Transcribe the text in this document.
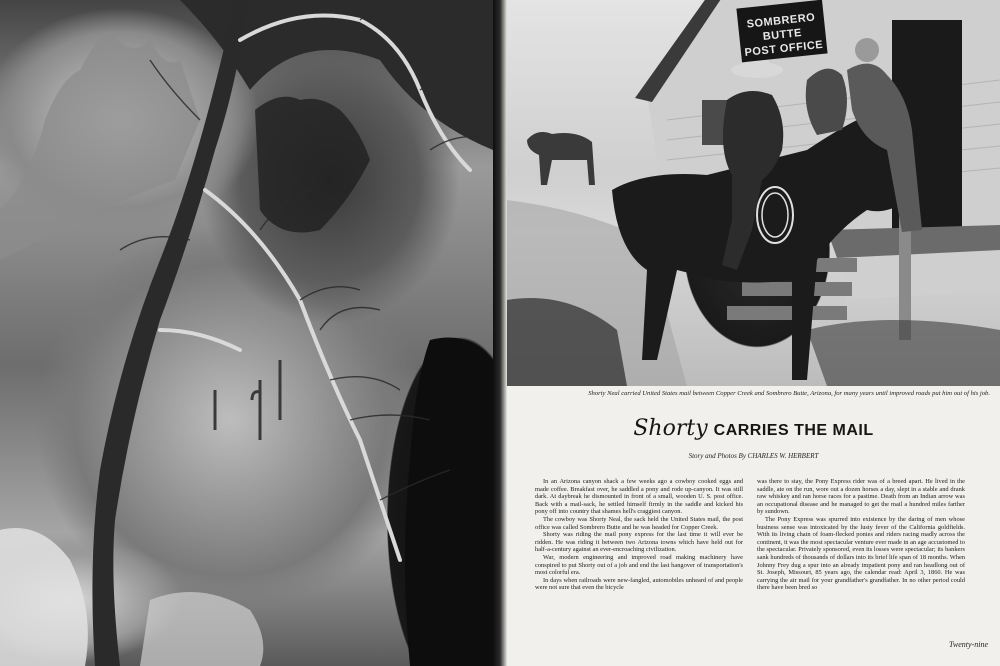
SOMBRERO BUTTE
POST OFFICE
Shorty Neal carried United States mail between Copper Creek and Sombrero Butte, Arizona, for many years until improved roads put him out of his job.
Shorty CARRIES THE MAIL
Story and Photos By CHARLES W. HERBERT

In an Arizona canyon shack a few weeks ago a cowboy cooked eggs and made coffee. Breakfast over, he saddled a pony and rode up-canyon. It was still dark. At daybreak he dismounted in front of a small, wooden U. S. post office. Back with a mail-sack, he settled himself firmly in the saddle and kicked his pony off into country that shames hell's craggiest canyon.

The cowboy was Shorty Neal, the sack held the United States mail, the post office was called Sombrero Butte and he was headed for Copper Creek.

Shorty was riding the mail pony express for the last time it will ever be ridden. He was riding it between two Arizona towns which have held out for half-a-century against an ever-encroaching civilization.

War, modern engineering and improved road making machinery have conspired to put Shorty out of a job and end the last hangover of transportation's most colorful era.

In days when railroads were new-fangled, automobiles unheard of and people were not sure that even the bicycle

was there to stay, the Pony Express rider was of a breed apart. He lived in the saddle, ate on the run, wore out a dozen horses a day, slept in a stable and drank raw whiskey and ran horse races for a pastime. Death from an Indian arrow was an occupational disease and he managed to get the mail a hundred miles farther by sundown.

The Pony Express was spurred into existence by the daring of men whose business sense was intoxicated by the lusty fever of the California goldfields. With its living chain of foam-flecked ponies and riders racing madly across the continent, it was the most spectacular venture ever made in an age accustomed to the spectacular. Privately sponsored, even its losses were spectacular; its bankers sank hundreds of thousands of dollars into its brief life span of 18 months. When Johnny Frey dug a spur into an already impatient pony and ran headlong out of St. Joseph, Missouri, 85 years ago, the calendar read: April 3, 1860. He was carrying the air mail for your grandfather's grandfather. In no other period could there have been bred so

Twenty-nine
